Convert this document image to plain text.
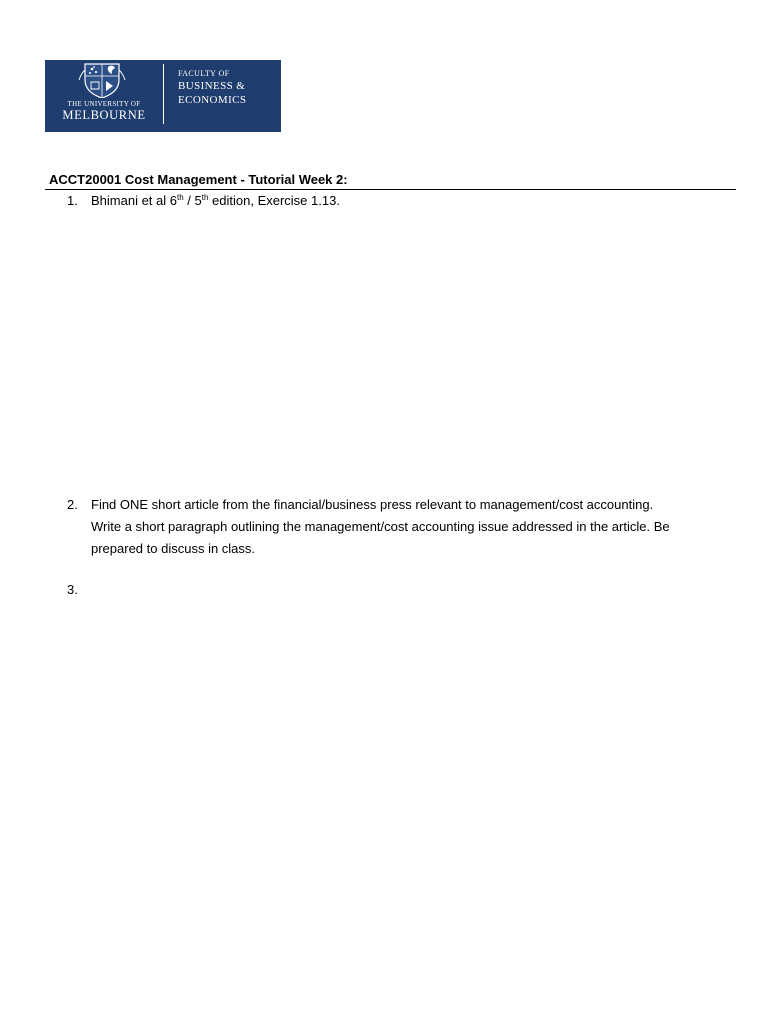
THE UNIVERSITY OF
MELBOURNE
FACULTY OF
BUSINESS &
ECONOMICS
ACCT20001 Cost Management - Tutorial Week 2:
1. Bhimani et al 6th / 5th edition, Exercise 1.13.
2. Find ONE short article from the financial/business press relevant to management/cost accounting.
Write a short paragraph outlining the management/cost accounting issue addressed in the article. Be
prepared to discuss in class.
3.
